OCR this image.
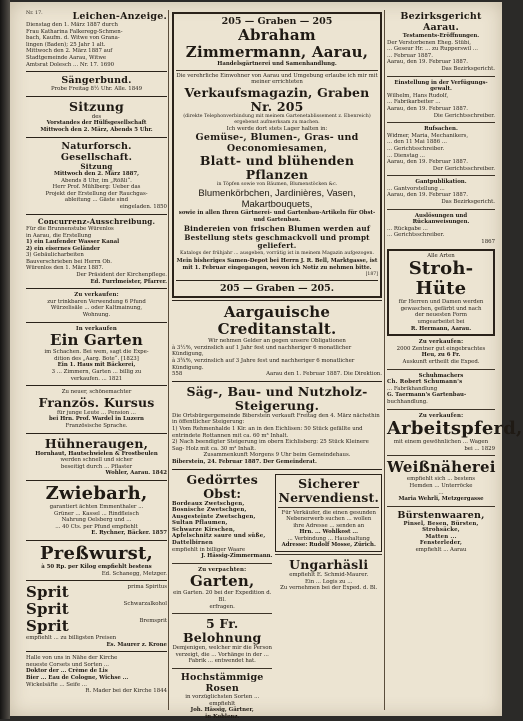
Nr. 17.	Leichen-Anzeige.
Dienstag den 1. März 1887 durch
Frau Katharina Falkeregg-Schmen-
bach, Kaufm. d. Witwe von Grana-
lingen (Baden); 25 Jahr 1 alt.
Mittwoch den 2. März 1887 auf
Stadtgemeinde Aarau, Witwe
Amtsrat Dolesch ... Nr. 17. 1690
Sängerbund.
Probe Freitag 8½ Uhr. Alle. 1849
Sitzung
des
Vorstandes der Hülfsgesellschaft
Mittwoch den 2. März, Abends 5 Uhr.
Naturforsch. Gesellschaft.
Sitzung
Mittwoch den 2. März 1887,
Abends 8 Uhr, im „Rößli“.
Herr Prof. Mühlberg: Ueber das
Projekt der Erstellung der Rauchgas-
ableitung ... Gäste sind
eingeladen. 1850
Concurrenz-Ausschreibung.
Für die Brunnenstube Würenlos
in Aarau, die Erstellung
1) ein Laufender Wasser Kanal
2) ein eisernes Geländer
3) Gebäulicharbeiten
Bauverschrieben bei Herrn Ob.
Würenlos den 1. März 1887.
Der Präsident der Kirchenpflege.
Ed. Furrlmeister, Pfarrer.
Zu verkaufen:
zur trinkbaren Verwendung 6 Pfund
Würzelisäle ... oder Kaltmainung,
Wohnung.
In verkaufen
Ein Garten
im Schachen. Bei wem, sagt die Expe-
dition des „Aarg. Bote“. [1823]
Ein 1. Haus mit Bäckerei,
3 ... Zimmern, Garten ... billig zu
verkaufen. ... 1821
Zu neuer, schönemachter
Französ. Kursus
für junge Leute ... Pension ...
bei Hrn. Prof. Wardel in Luzern
Französische Sprache.
Hühneraugen,
Hornhaut, Hautschwielen & Frostbeulen
werden schnell und sicher
beseitigt durch ... Pflaster
Wohler, Aarau. 1842
Zwiebarh,
garantiert ächten Emmenthaler ...
Grüner ... Kassel ... Rindfleisch
Nahrung Oelsberg und ...
... 40 Cts. per Pfund empfiehlt
E. Rychner, Bäcker. 1857
Preßwurst,
à 50 Rp. per Kilog empfiehlt bestens
Ed. Schanegg, Metzger.
Sprit	prima Spiritus
Sprit	Schwarzalkohol
Sprit	Bremsprit
empfiehlt ... zu billigsten Preisen
Es. Maurer z. Krone
Halle von uns in Nähe der Kirche
neueste Corsets und Sorten ...
Doktor der ... Crème de Lis
Bier ... Eau de Cologne, Wichse ...
Wickelsäfte ... Seife ...
R. Mader bei der Kirche 1844
205 — Graben — 205
Abraham Zimmermann, Aarau,
Handelsgärtnerei und Samenhandlung.
Die verehrliche Einwohner von Aarau und Umgebung erlaube ich mir mit meiner errichteten
Verkaufsmagazin, Graben Nr. 205
(direkte Telephonverbindung mit meinem Gartenetablissement z. Ebenreich) ergebenst aufmerksam zu machen.
Ich werde dort stets Lager halten in:
Gemüse-, Blumen-, Gras- und Oeconomiesamen,
Blatt- und blühenden Pflanzen
in Töpfen sowie von Bäumen, Blumenstöcken &c.
Blumenkörbchen, Jardinières, Vasen,
Makartbouquets,
sowie in allen Ihren Gärtnerei- und Gartenbau-Artikeln für Obst- und Gartenbau.
Bindereien von frischen Blumen werden auf Bestellung stets geschmackvoll und prompt geliefert.
Katalogs der frühjahr ... ausgeben, vorrätig ist in meinem Magazin aufgezogen.
Mein bisheriges Samen-Depot bei Herrn J. R. Bell, Marktgasse, ist mit 1. Februar eingegangen, wovon ich Notiz zu nehmen bitte.
[187]
205 — Graben — 205.
Aargauische Creditanstalt.
Wir nehmen Gelder an gegen unsere Obligationen
à 3½%, verzinslich auf 1 Jahr fest und nachheriger 6 monatlicher Kündigung,
à 3¾%, verzinslich auf 3 Jahre fest und nachheriger 6 monatlicher Kündigung.
558	Aarau den 1. Februar 1887. Die Direktion.
Säg-, Bau- und Nutzholz-Steigerung.
Die Ortsbürgergemeinde Biberstein verkauft Freitag den 4. März nächsthin in öffentlicher Steigerung:
1) Vom Rehmenhalde 1 Klr. an in den Eichlisen: 50 Stück gefällte und entrindete Rottannen mit ca. 60 m³ Inhalt.
2) Nach beendigter Steigerung im obern Eichlisberg: 25 Stück Kleinere Sag- Holz mit ca. 30 m³ Inhalt.
Zusammenkunft Morgens 9 Uhr beim Gemeindehaus.
Biberstein, 24. Februar 1887. Der Gemeinderat.
Gedörrtes Obst:
Bordeaux Zwetschgen,
Bosnische Zwetschgen,
Ausgesteinte Zwetschgen,
Sultan Pflaumen,
Schwarze Kirschen,
Apfelschnitz saure und süße,
Dattelbirnen
empfiehlt in billiger Waare
J. Hässig-Zimmermann.
Zu verpachten:
Garten,
ein Garten. 20 bei der Expedition d. Bl.
erfragen.
5 Fr. Belohnung
Demjenigen, welcher mir die Person
verzeigt, die ... Vorhänge in der ...
Fabrik ... entwendet hat.
Hochstämmige Rosen
in vorzüglichsten Sorten ... empfiehlt
Joh. Hässig, Gärtner,
in Koblenz.
Sicherer
Nervendienst.
Für Verkäufer, die einen gesunden
Nebenerwerb suchen ... wollen
ihre Adresse ... senden an
Hrn. ... Wohlkost ...
... Verbindung ... Haushaltung
Adresse: Rudolf Mosse, Zürich.
Ungarhäsli
empfiehlt E. Schmid-Maurer.
Ein ... Logis zu ...
Zu vernehmen bei der Exped. d. Bl.
Bezirksgericht Aarau.
Testaments-Eröffnungen.
Der Verstorbenen Eheg. Stübi,
... Geseur Hr. ... zu Rupperswil ...
... Februar 1887.
Aarau, den 19. Februar 1887.
Das Bezirksgericht.
Einstellung in der Verfügungs-gewalt.
Wilhelm, Hans Rudolf,
... Fabrikarbeiter ...
Aarau, den 19. Februar 1887.
Die Gerichtsschreiber.
Rufsachen.
Widmer, Maria, Mechanikers,
... den 11 Mai 1886 ...
... Gerichtsschreiber.
... Dienstag ...
Aarau, den 19. Februar 1887.
Der Gerichtsschreiber.
Gantpublikation.
... Gantvorstellung ...
Aarau, den 19. Februar 1887.
Das Bezirksgericht.
Auslösungen und Rückanweisungen.
... Rückgabe ...
... Gerichtsschreiber.
1867
Alle Arten
Stroh-Hüte
für Herren und Damen werden
gewaschen, gefärbt und nach
der neuesten Form
umgearbeitet bei
R. Hermann, Aarau.
Zu verkaufen:
2000 Zentner gut eingebrachtes
Heu, zu 6 Fr.
Auskunft ertheilt die Exped.
Schuhmachers
Ch. Robert Schumann's
... Fabrikhandlung
G. Taermann's Gartenbau-
buchhandlung.
Zu verkaufen:
Arbeitspferd,
mit einem gewöhnlichen ... Wagen
bei ... 1829
Weißnäherei
empfiehlt sich ... bestens
Hemden ... Unterröcke
...
Maria Wehrli, Metzgergasse
Bürstenwaaren,
Pinsel, Besen, Bürsten,
Strohsäcke,
Matten ...
Fensterleder,
empfiehlt ... Aarau
